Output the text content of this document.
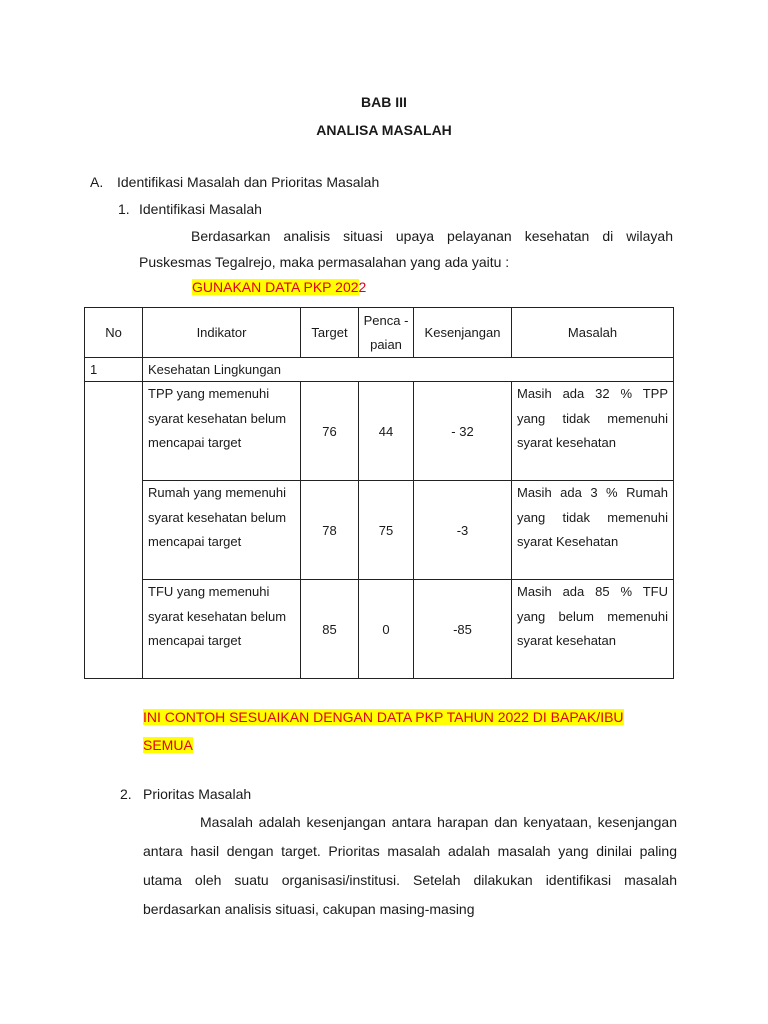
BAB III
ANALISA MASALAH
A. Identifikasi Masalah dan Prioritas Masalah
1. Identifikasi Masalah
Berdasarkan analisis situasi upaya pelayanan kesehatan di wilayah Puskesmas Tegalrejo, maka permasalahan yang ada yaitu :
GUNAKAN DATA PKP 2022
No	Indikator	Target	Penca -paian	Kesenjangan	Masalah
1	Kesehatan Lingkungan				
	TPP yang memenuhi syarat kesehatan belum mencapai target	76	44	- 32	Masih ada 32 % TPP yang tidak memenuhi syarat kesehatan
	Rumah yang memenuhi syarat kesehatan belum mencapai target	78	75	-3	Masih ada 3 % Rumah yang tidak memenuhi syarat Kesehatan
	TFU yang memenuhi syarat kesehatan belum mencapai target	85	0	-85	Masih ada 85 % TFU yang belum memenuhi syarat kesehatan
INI CONTOH SESUAIKAN DENGAN DATA PKP TAHUN 2022 DI BAPAK/IBU
SEMUA
2. Prioritas Masalah
Masalah adalah kesenjangan antara harapan dan kenyataan, kesenjangan antara hasil dengan target. Prioritas masalah adalah masalah yang dinilai paling utama oleh suatu organisasi/institusi. Setelah dilakukan identifikasi masalah berdasarkan analisis situasi, cakupan masing-masing
